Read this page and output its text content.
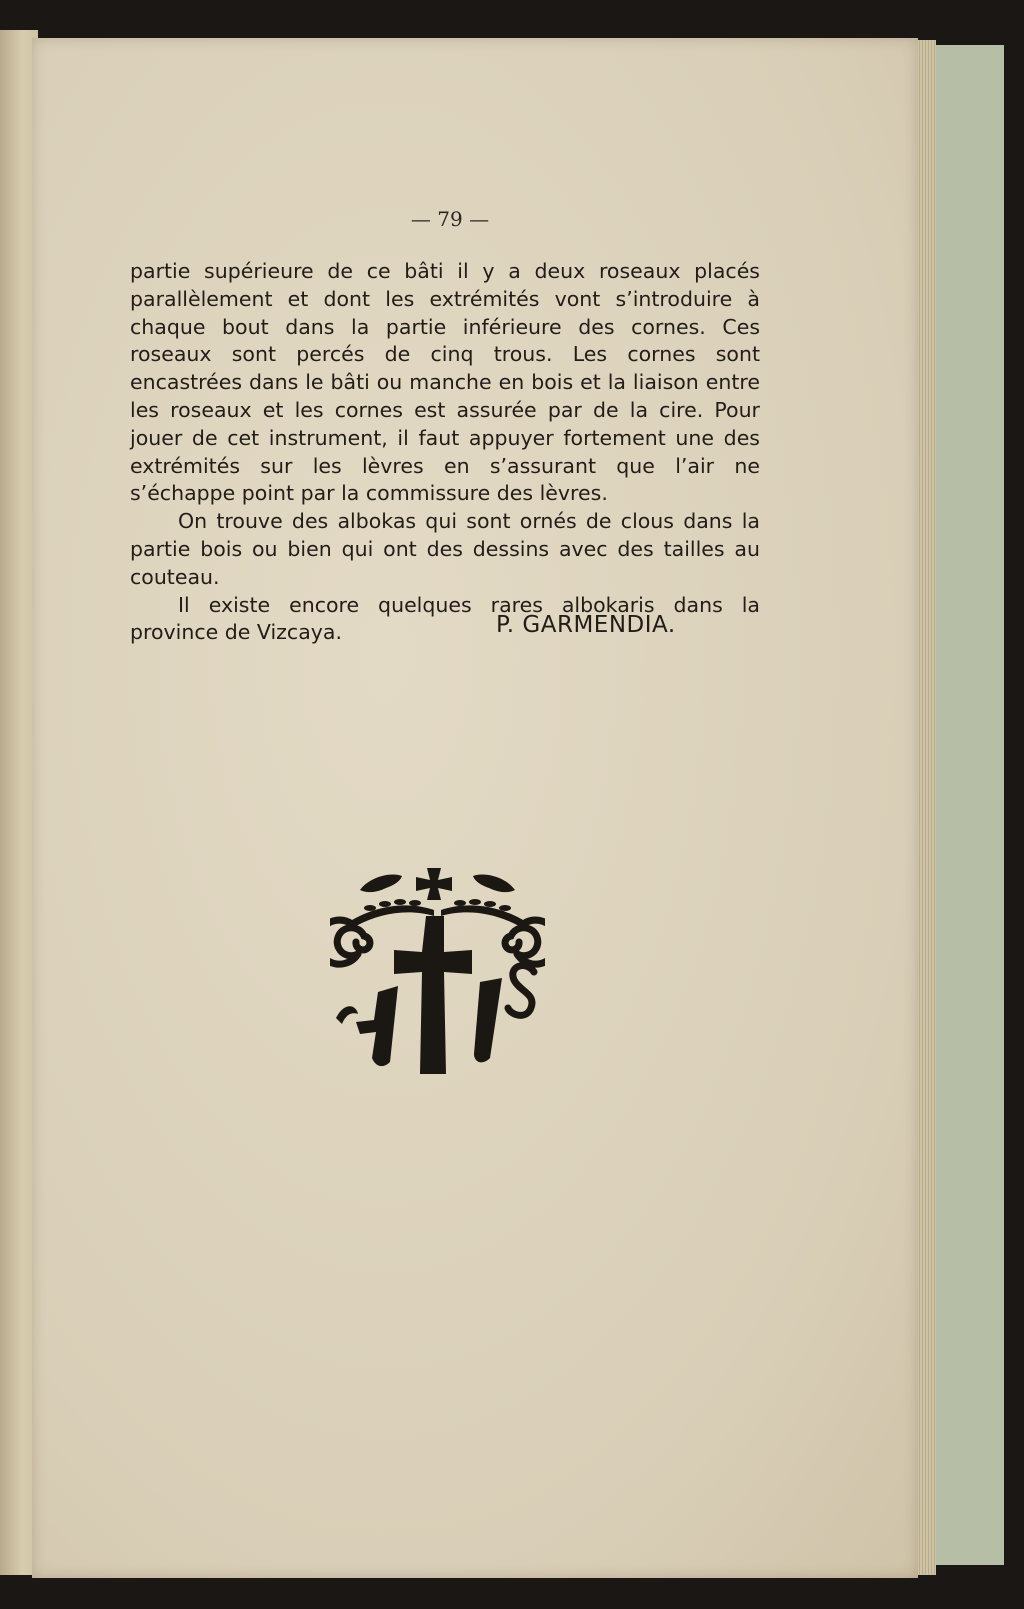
— 79 —

partie supérieure de ce bâti il y a deux roseaux placés parallèlement et dont les extrémités vont s’introduire à chaque bout dans la partie inférieure des cornes. Ces roseaux sont percés de cinq trous. Les cornes sont encastrées dans le bâti ou manche en bois et la liaison entre les roseaux et les cornes est assurée par de la cire. Pour jouer de cet instrument, il faut appuyer fortement une des extrémités sur les lèvres en s’assurant que l’air ne s’échappe point par la commissure des lèvres.

On trouve des albokas qui sont ornés de clous dans la partie bois ou bien qui ont des dessins avec des tailles au couteau.

Il existe encore quelques rares albokaris dans la province de Vizcaya.	P. GARMENDIA.
